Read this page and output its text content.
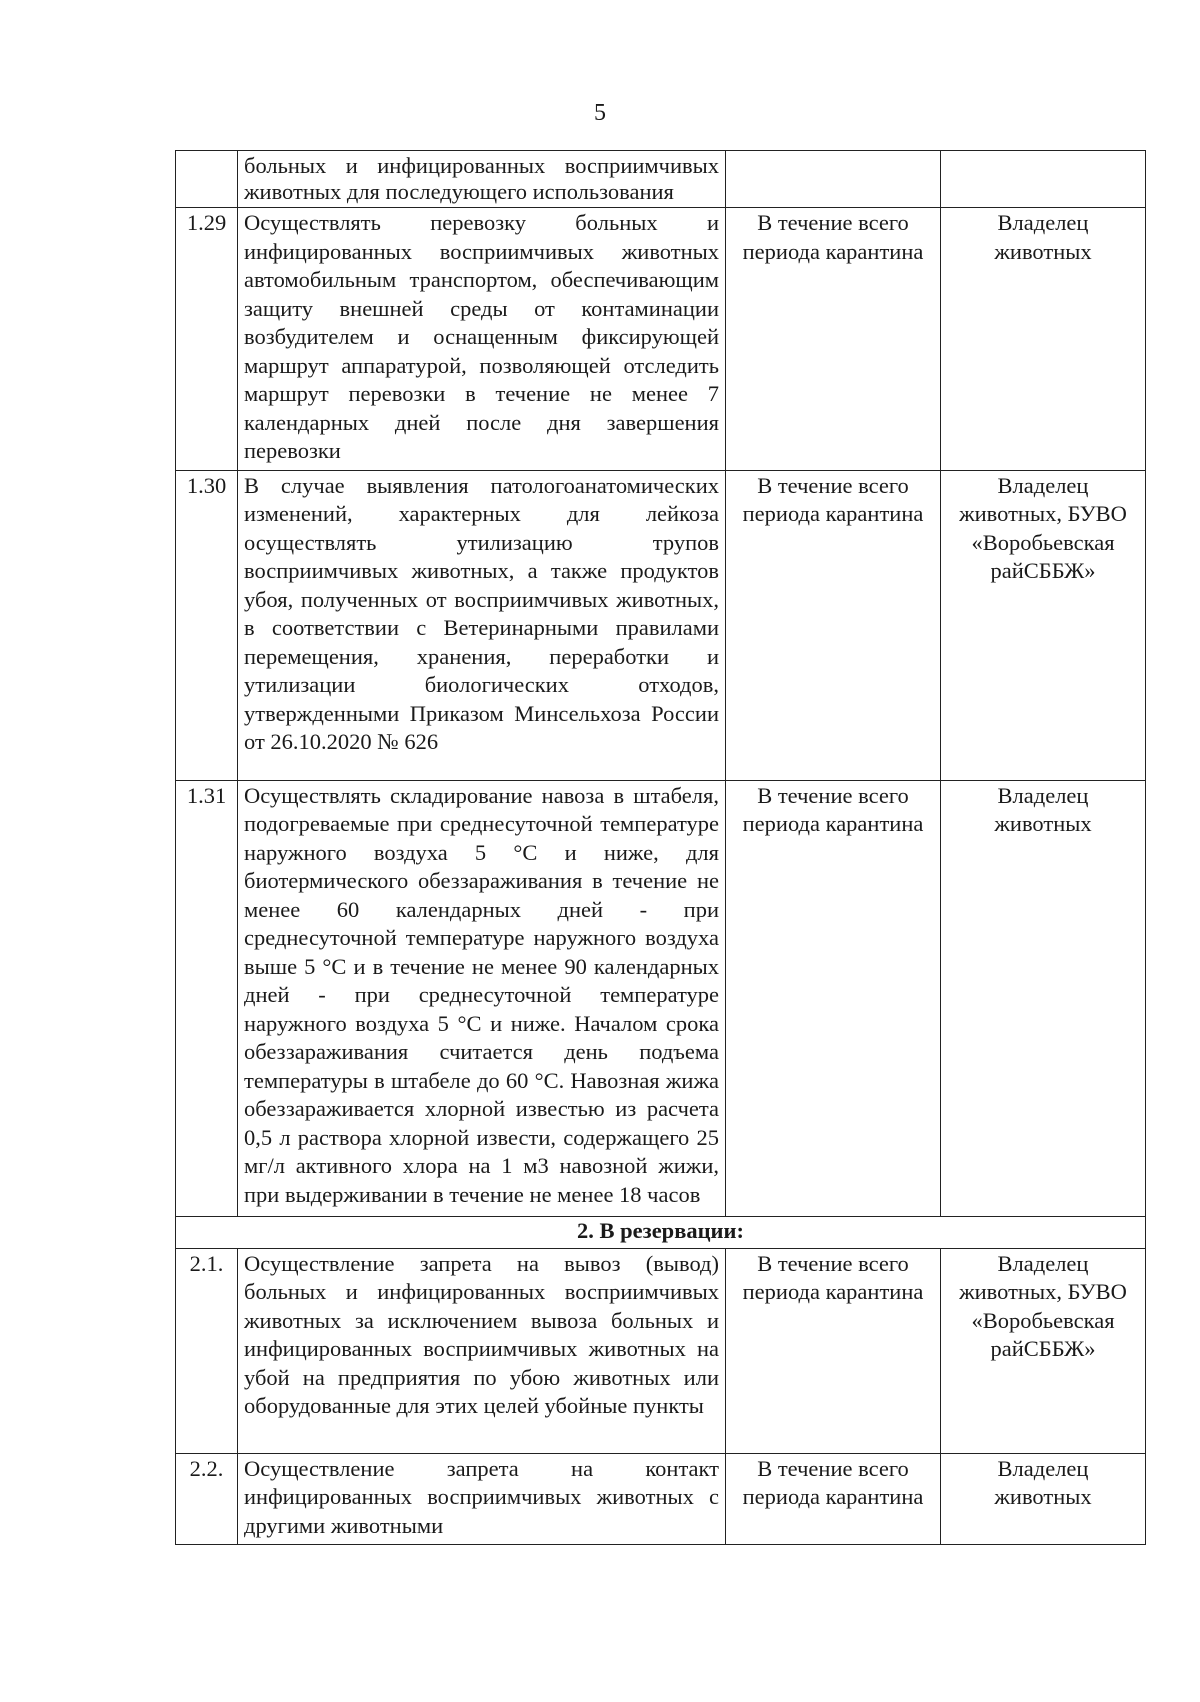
5
	больных и инфицированных восприимчивых животных для последующего использования		
1.29	Осуществлять перевозку больных и инфицированных восприимчивых животных автомобильным транспортом, обеспечивающим защиту внешней среды от контаминации возбудителем и оснащенным фиксирующей маршрут аппаратурой, позволяющей отследить маршрут перевозки в течение не менее 7 календарных дней после дня завершения перевозки	В течение всего периода карантина	Владелец животных
1.30	В случае выявления патологоанатомических изменений, характерных для лейкоза осуществлять утилизацию трупов восприимчивых животных, а также продуктов убоя, полученных от восприимчивых животных, в соответствии с Ветеринарными правилами перемещения, хранения, переработки и утилизации биологических отходов, утвержденными Приказом Минсельхоза России от 26.10.2020 № 626	В течение всего периода карантина	Владелец животных, БУВО «Воробьевская райСББЖ»
1.31	Осуществлять складирование навоза в штабеля, подогреваемые при среднесуточной температуре наружного воздуха 5 °C и ниже, для биотермического обеззараживания в течение не менее 60 календарных дней - при среднесуточной температуре наружного воздуха выше 5 °C и в течение не менее 90 календарных дней - при среднесуточной температуре наружного воздуха 5 °C и ниже. Началом срока обеззараживания считается день подъема температуры в штабеле до 60 °C. Навозная жижа обеззараживается хлорной известью из расчета 0,5 л раствора хлорной извести, содержащего 25 мг/л активного хлора на 1 м3 навозной жижи, при выдерживании в течение не менее 18 часов	В течение всего периода карантина	Владелец животных
2. В резервации:			
2.1.	Осуществление запрета на вывоз (вывод) больных и инфицированных восприимчивых животных за исключением вывоза больных и инфицированных восприимчивых животных на убой на предприятия по убою животных или оборудованные для этих целей убойные пункты	В течение всего периода карантина	Владелец животных, БУВО «Воробьевская райСББЖ»
2.2.	Осуществление запрета на контакт инфицированных восприимчивых животных с другими животными	В течение всего периода карантина	Владелец животных
